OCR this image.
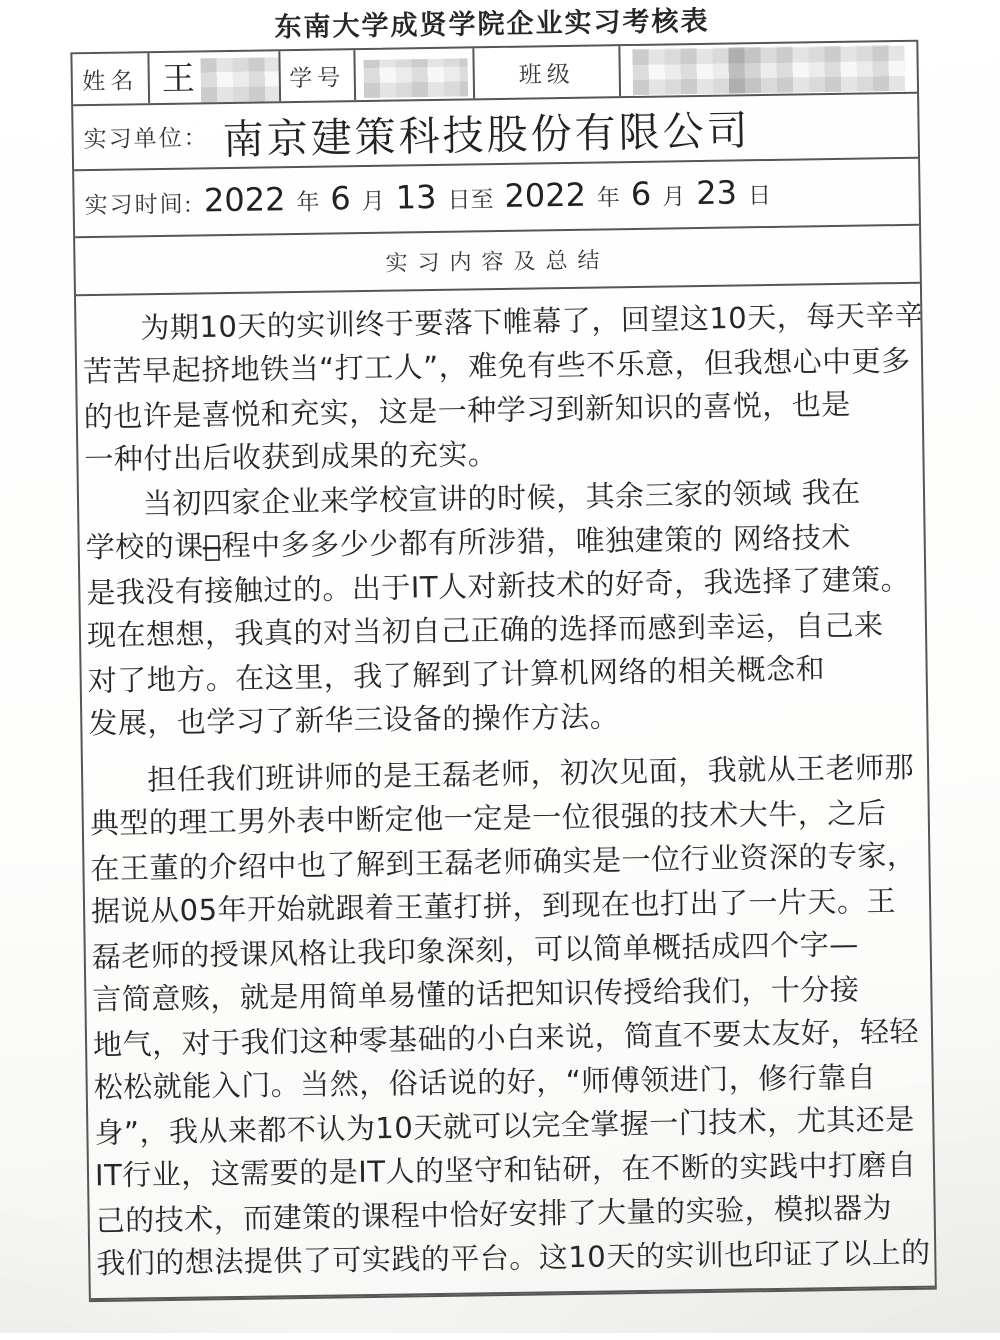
东南大学成贤学院企业实习考核表
姓名 王	学号	班级
实习单位： 南京建策科技股份有限公司
实习时间: 2022 年 6 月 13 日至 2022 年 6 月 23 日
实习内容及总结
为期10天的实训终于要落下帷幕了，回望这10天，每天辛辛
苦苦早起挤地铁当“打工人”，难免有些不乐意，但我想心中更多
的也许是喜悦和充实，这是一种学习到新知识的喜悦，也是
一种付出后收获到成果的充实。
当初四家企业来学校宣讲的时候，其余三家的领域 我在
学校的课种̶程中多多少少都有所涉猎，唯独建策的 网络技术
是我没有接触过的。出于IT人对新技术的好奇，我选择了建策。
现在想想，我真的对当初自己正确的选择而感到幸运，自己来
对了地方。在这里，我了解到了计算机网络的相关概念和
发展，也学习了新华三设备的操作方法。
担任我们班讲师的是王磊老师，初次见面，我就从王老师那
典型的理工男外表中断定他一定是一位很强的技术大牛，之后
在王董的介绍中也了解到王磊老师确实是一位行业资深的专家，
据说从05年开始就跟着王董打拼，到现在也打出了一片天。王
磊老师的授课风格让我印象深刻，可以简单概括成四个字—
言简意赅，就是用简单易懂的话把知识传授给我们，十分接
地气，对于我们这种零基础的小白来说，简直不要太友好，轻轻
松松就能入门。当然，俗话说的好，“师傅领进门，修行靠自
身”，我从来都不认为10天就可以完全掌握一门技术，尤其还是
IT行业，这需要的是IT人的坚守和钻研，在不断的实践中打磨自
己的技术，而建策的课程中恰好安排了大量的实验，模拟器为
我们的想法提供了可实践的平台。这10天的实训也印证了以上的
